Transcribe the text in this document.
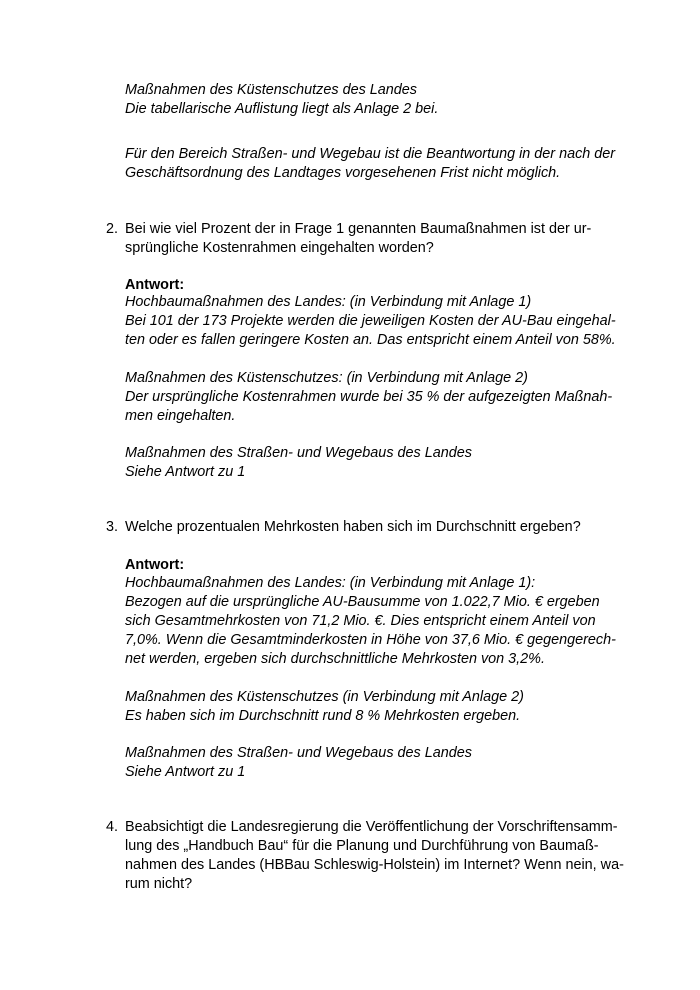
Maßnahmen des Küstenschutzes des Landes
Die tabellarische Auflistung liegt als Anlage 2 bei.
Für den Bereich Straßen- und Wegebau ist die Beantwortung in der nach der
Geschäftsordnung des Landtages vorgesehenen Frist nicht möglich.
2. Bei wie viel Prozent der in Frage 1 genannten Baumaßnahmen ist der ur-
sprüngliche Kostenrahmen eingehalten worden?
Antwort:
Hochbaumaßnahmen des Landes: (in Verbindung mit Anlage 1)
Bei 101 der 173 Projekte werden die jeweiligen Kosten der AU-Bau eingehal-
ten oder es fallen geringere Kosten an. Das entspricht einem Anteil von 58%.
Maßnahmen des Küstenschutzes: (in Verbindung mit Anlage 2)
Der ursprüngliche Kostenrahmen wurde bei 35 % der aufgezeigten Maßnah-
men eingehalten.
Maßnahmen des Straßen- und Wegebaus des Landes
Siehe Antwort zu 1
3. Welche prozentualen Mehrkosten haben sich im Durchschnitt ergeben?
Antwort:
Hochbaumaßnahmen des Landes: (in Verbindung mit Anlage 1):
Bezogen auf die ursprüngliche AU-Bausumme von 1.022,7 Mio. € ergeben
sich Gesamtmehrkosten von 71,2 Mio. €. Dies entspricht einem Anteil von
7,0%. Wenn die Gesamtminderkosten in Höhe von 37,6 Mio. € gegengerech-
net werden, ergeben sich durchschnittliche Mehrkosten von 3,2%.
Maßnahmen des Küstenschutzes (in Verbindung mit Anlage 2)
Es haben sich im Durchschnitt rund 8 % Mehrkosten ergeben.
Maßnahmen des Straßen- und Wegebaus des Landes
Siehe Antwort zu 1
4. Beabsichtigt die Landesregierung die Veröffentlichung der Vorschriftensamm-
lung des „Handbuch Bau“ für die Planung und Durchführung von Baumaß-
nahmen des Landes (HBBau Schleswig-Holstein) im Internet? Wenn nein, wa-
rum nicht?
